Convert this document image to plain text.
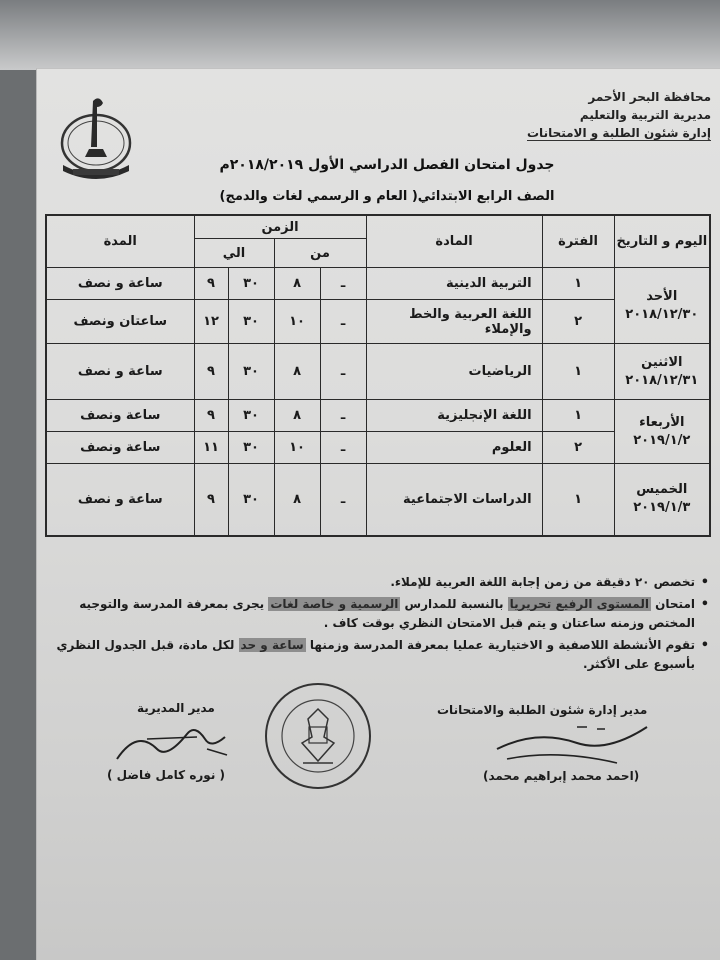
محافظة البحر الأحمر
مديرية التربية والتعليم
إدارة شئون الطلبة و الامتحانات
جدول امتحان الفصل الدراسي الأول ٢٠١٨/٢٠١٩م
الصف الرابع الابتدائي( العام و الرسمي لغات والدمج)
اليوم و التاريخ	الفترة	المادة	الزمن				المدة
			من		الي		

الأحد
٢٠١٨/١٢/٣٠	١	التربية الدينية	ـ	٨	٣٠	٩	ساعة و نصف
	٢	اللغة العربية والخط والإملاء	ـ	١٠	٣٠	١٢	ساعتان ونصف

الاثنين
٢٠١٨/١٢/٣١	١	الرياضيات	ـ	٨	٣٠	٩	ساعة و نصف

الأربعاء
٢٠١٩/١/٢	١	اللغة الإنجليزية	ـ	٨	٣٠	٩	ساعة ونصف
	٢	العلوم	ـ	١٠	٣٠	١١	ساعة ونصف

الخميس
٢٠١٩/١/٣	١	الدراسات الاجتماعية	ـ	٨	٣٠	٩	ساعة و نصف
• تخصص ٢٠ دقيقة من زمن إجابة اللغة العربية للإملاء.
• امتحان المستوى الرفيع تحريريا بالنسبة للمدارس الرسمية و خاصة لغات يجرى بمعرفة المدرسة والتوجيه المختص وزمنه ساعتان و يتم قبل الامتحان النظري بوقت كاف .
• تقوم الأنشطة اللاصفية و الاختيارية عمليا بمعرفة المدرسة وزمنها ساعة و حد لكل مادة، قبل الجدول النظري بأسبوع على الأكثر.
مدير المديرية
( نوره كامل فاضل )
مدير إدارة شئون الطلبة والامتحانات
(احمد محمد إبراهيم محمد)
